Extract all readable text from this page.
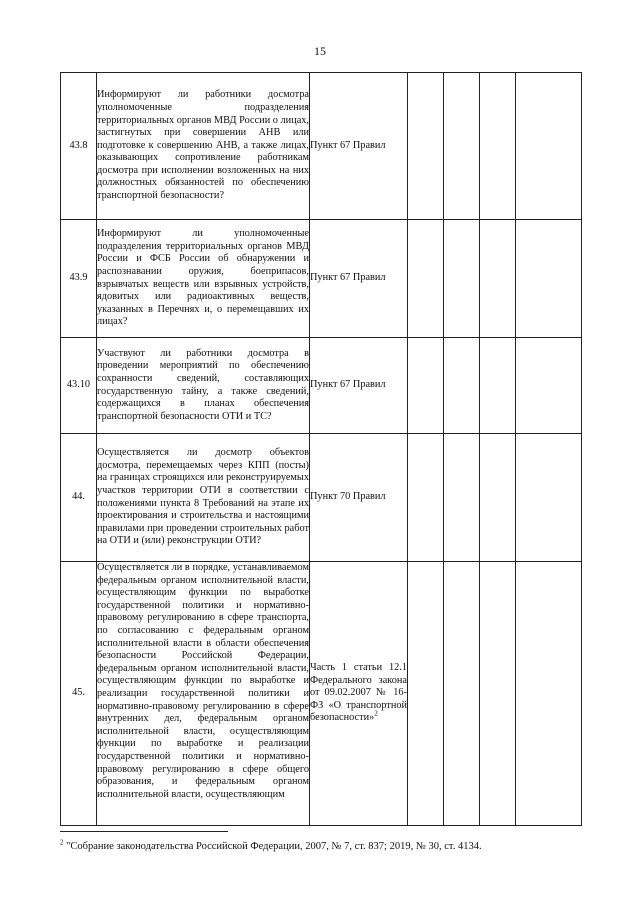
15
43.8	Информируют ли работники досмотра уполномоченные подразделения территориальных органов МВД России о лицах, застигнутых при совершении АНВ или подготовке к совершению АНВ, а также лицах, оказывающих сопротивление работникам досмотра при исполнении возложенных на них должностных обязанностей по обеспечению транспортной безопасности?	Пункт 67 Правил				
43.9	Информируют ли уполномоченные подразделения территориальных органов МВД России и ФСБ России об обнаружении и распознавании оружия, боеприпасов, взрывчатых веществ или взрывных устройств, ядовитых или радиоактивных веществ, указанных в Перечнях и, о перемещавших их лицах?	Пункт 67 Правил				
43.10	Участвуют ли работники досмотра в проведении мероприятий по обеспечению сохранности сведений, составляющих государственную тайну, а также сведений, содержащихся в планах обеспечения транспортной безопасности ОТИ и ТС?	Пункт 67 Правил				
44.	Осуществляется ли досмотр объектов досмотра, перемещаемых через КПП (посты) на границах строящихся или реконструируемых участков территории ОТИ в соответствии с положениями пункта 8 Требований на этапе их проектирования и строительства и настоящими правилами при проведении строительных работ на ОТИ и (или) реконструкции ОТИ?	Пункт 70 Правил				
45.	Осуществляется ли в порядке, устанавливаемом федеральным органом исполнительной власти, осуществляющим функции по выработке государственной политики и нормативно-правовому регулированию в сфере транспорта, по согласованию с федеральным органом исполнительной власти в области обеспечения безопасности Российской Федерации, федеральным органом исполнительной власти, осуществляющим функции по выработке и реализации государственной политики и нормативно-правовому регулированию в сфере внутренних дел, федеральным органом исполнительной власти, осуществляющим функции по выработке и реализации государственной политики и нормативно-правовому регулированию в сфере общего образования, и федеральным органом исполнительной власти, осуществляющим	Часть 1 статьи 12.1 Федерального закона от 09.02.2007 № 16-ФЗ «О транспортной безопасности»$^2$				
$^2$ "Собрание законодательства Российской Федерации, 2007, № 7, ст. 837; 2019, № 30, ст. 4134.
